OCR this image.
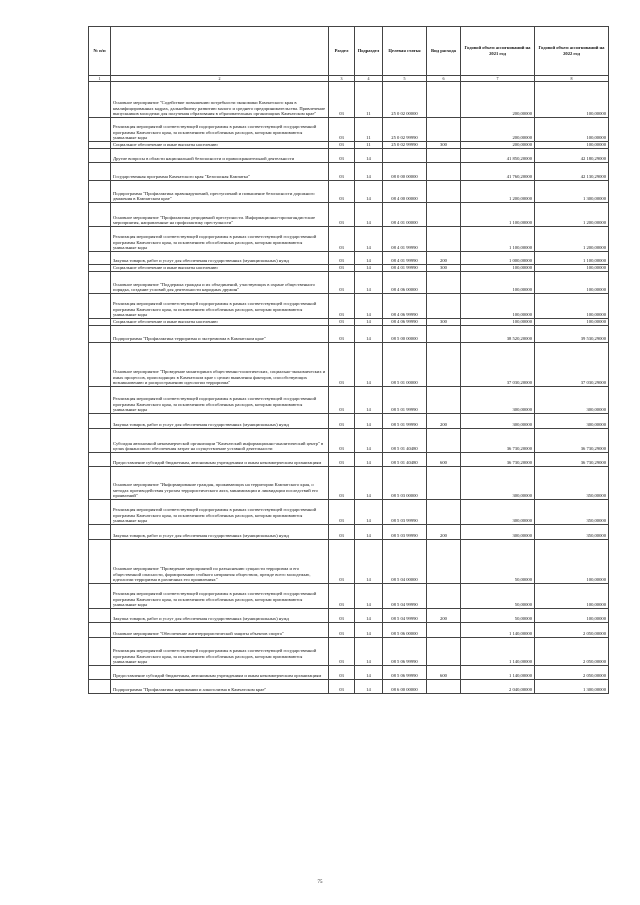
№ п/п		Раздел	Подраздел	Целевая статья	Вид расхода	Годовой объем ассигнований на 2021 год	Годовой объем ассигнований на 2022 год
1	2	3	4	5	6	7	8
	Основное мероприятие "Содействие повышению потребности экономики Камчатского края в квалифицированных кадрах, дальнейшему развитию малого и среднего предпринимательства. Привлечение выпускников молодежи для получения образования в образовательных организациях Камчатском крае"	03	11	25 0 02 00000		200,00000	100,00000
	Реализация мероприятий соответствующей подпрограммы в рамках соответствующей государственной программы Камчатского края, за исключением обособленных расходов, которым присваиваются уникальные коды	03	11	25 0 02 99990		200,00000	100,00000
	Социальное обеспечение и иные выплаты населению	03	11	25 0 02 99990	300	200,00000	100,00000
	Другие вопросы в области национальной безопасности и правоохранительной деятельности	03	14			41 850,20000	42 180,29000
	Государственная программа Камчатского края "Безопасная Камчатка"	03	14	08 0 00 00000		41 760,20000	42 130,29000
	Подпрограмма "Профилактика правонарушений, преступлений и повышение безопасности дорожного движения в Камчатском крае"	03	14	08 4 00 00000		1 200,00000	1 300,00000
	Основное мероприятие "Профилактика рецидивной преступности. Информационно-пропагандистские мероприятия, направленные на профилактику преступности"	03	14	08 4 01 00000		1 100,00000	1 200,00000
	Реализация мероприятий соответствующей подпрограммы в рамках соответствующей государственной программы Камчатского края, за исключением обособленных расходов, которым присваиваются уникальные коды	03	14	08 4 01 99990		1 100,00000	1 200,00000
	Закупка товаров, работ и услуг для обеспечения государственных (муниципальных) нужд	03	14	08 4 01 99990	200	1 000,00000	1 100,00000
	Социальное обеспечение и иные выплаты населению	03	14	08 4 01 99990	300	100,00000	100,00000
	Основное мероприятие "Поддержка граждан и их объединений, участвующих в охране общественного порядка, создание условий для деятельности народных дружин"	03	14	08 4 06 00000		100,00000	100,00000
	Реализация мероприятий соответствующей подпрограммы в рамках соответствующей государственной программы Камчатского края, за исключением обособленных расходов, которым присваиваются уникальные коды	03	14	08 4 06 99990		100,00000	100,00000
	Социальное обеспечение и иные выплаты населению	03	14	08 4 06 99990	300	100,00000	100,00000
	Подпрограмма "Профилактика терроризма и экстремизма в Камчатском крае"	03	14	08 5 00 00000		38 520,20000	39 530,29000
	Основное мероприятие "Проведение мониторинга общественно-политических, социально-экономических и иных процессов, происходящих в Камчатском крае с целью выявления факторов, способствующих возникновению и распространению идеологии терроризма"	03	14	08 5 01 00000		37 030,20000	37 030,29000
	Реализация мероприятий соответствующей подпрограммы в рамках соответствующей государственной программы Камчатского края, за исключением обособленных расходов, которым присваиваются уникальные коды	03	14	08 5 01 99990		300,00000	300,00000
	Закупка товаров, работ и услуг для обеспечения государственных (муниципальных) нужд	03	14	08 5 01 99990	200	300,00000	300,00000
	Субсидия автономной некоммерческой организации "Камчатский информационно-аналитический центр" в целях финансового обеспечения затрат на осуществление уставной деятельности	03	14	08 5 01 40480		36 730,20000	36 730,29000
	Предоставление субсидий бюджетным, автономным учреждениям и иным некоммерческим организациям	03	14	08 5 01 40480	600	36 730,20000	36 730,29000
	Основное мероприятие "Информирование граждан, проживающих на территории Камчатского края, о методах противодействия угрозам террористического акта, минимизации и ликвидации последствий его проявлений"	03	14	08 5 03 00000		300,00000	350,00000
	Реализация мероприятий соответствующей подпрограммы в рамках соответствующей государственной программы Камчатского края, за исключением обособленных расходов, которым присваиваются уникальные коды	03	14	08 5 03 99990		300,00000	350,00000
	Закупка товаров, работ и услуг для обеспечения государственных (муниципальных) нужд	03	14	08 5 03 99990	200	300,00000	350,00000
	Основное мероприятие "Проведение мероприятий по разъяснению сущности терроризма и его общественной опасности, формированию стойкого неприятия обществом, прежде всего молодежью, идеологии терроризма в различных его проявлениях"	03	14	08 5 04 00000		50,00000	100,00000
	Реализация мероприятий соответствующей подпрограммы в рамках соответствующей государственной программы Камчатского края, за исключением обособленных расходов, которым присваиваются уникальные коды	03	14	08 5 04 99990		50,00000	100,00000
	Закупка товаров, работ и услуг для обеспечения государственных (муниципальных) нужд	03	14	08 5 04 99990	200	50,00000	100,00000
	Основное мероприятие "Обеспечение антитеррористической защиты объектов спорта"	03	14	08 5 06 00000		1 140,00000	2 050,00000
	Реализация мероприятий соответствующей подпрограммы в рамках соответствующей государственной программы Камчатского края, за исключением обособленных расходов, которым присваиваются уникальные коды	03	14	08 5 06 99990		1 140,00000	2 050,00000
	Предоставление субсидий бюджетным, автономным учреждениям и иным некоммерческим организациям	03	14	08 5 06 99990	600	1 140,00000	2 050,00000
	Подпрограмма "Профилактика наркомании и алкоголизма в Камчатском крае"	03	14	08 6 00 00000		2 040,00000	1 300,00000
75
